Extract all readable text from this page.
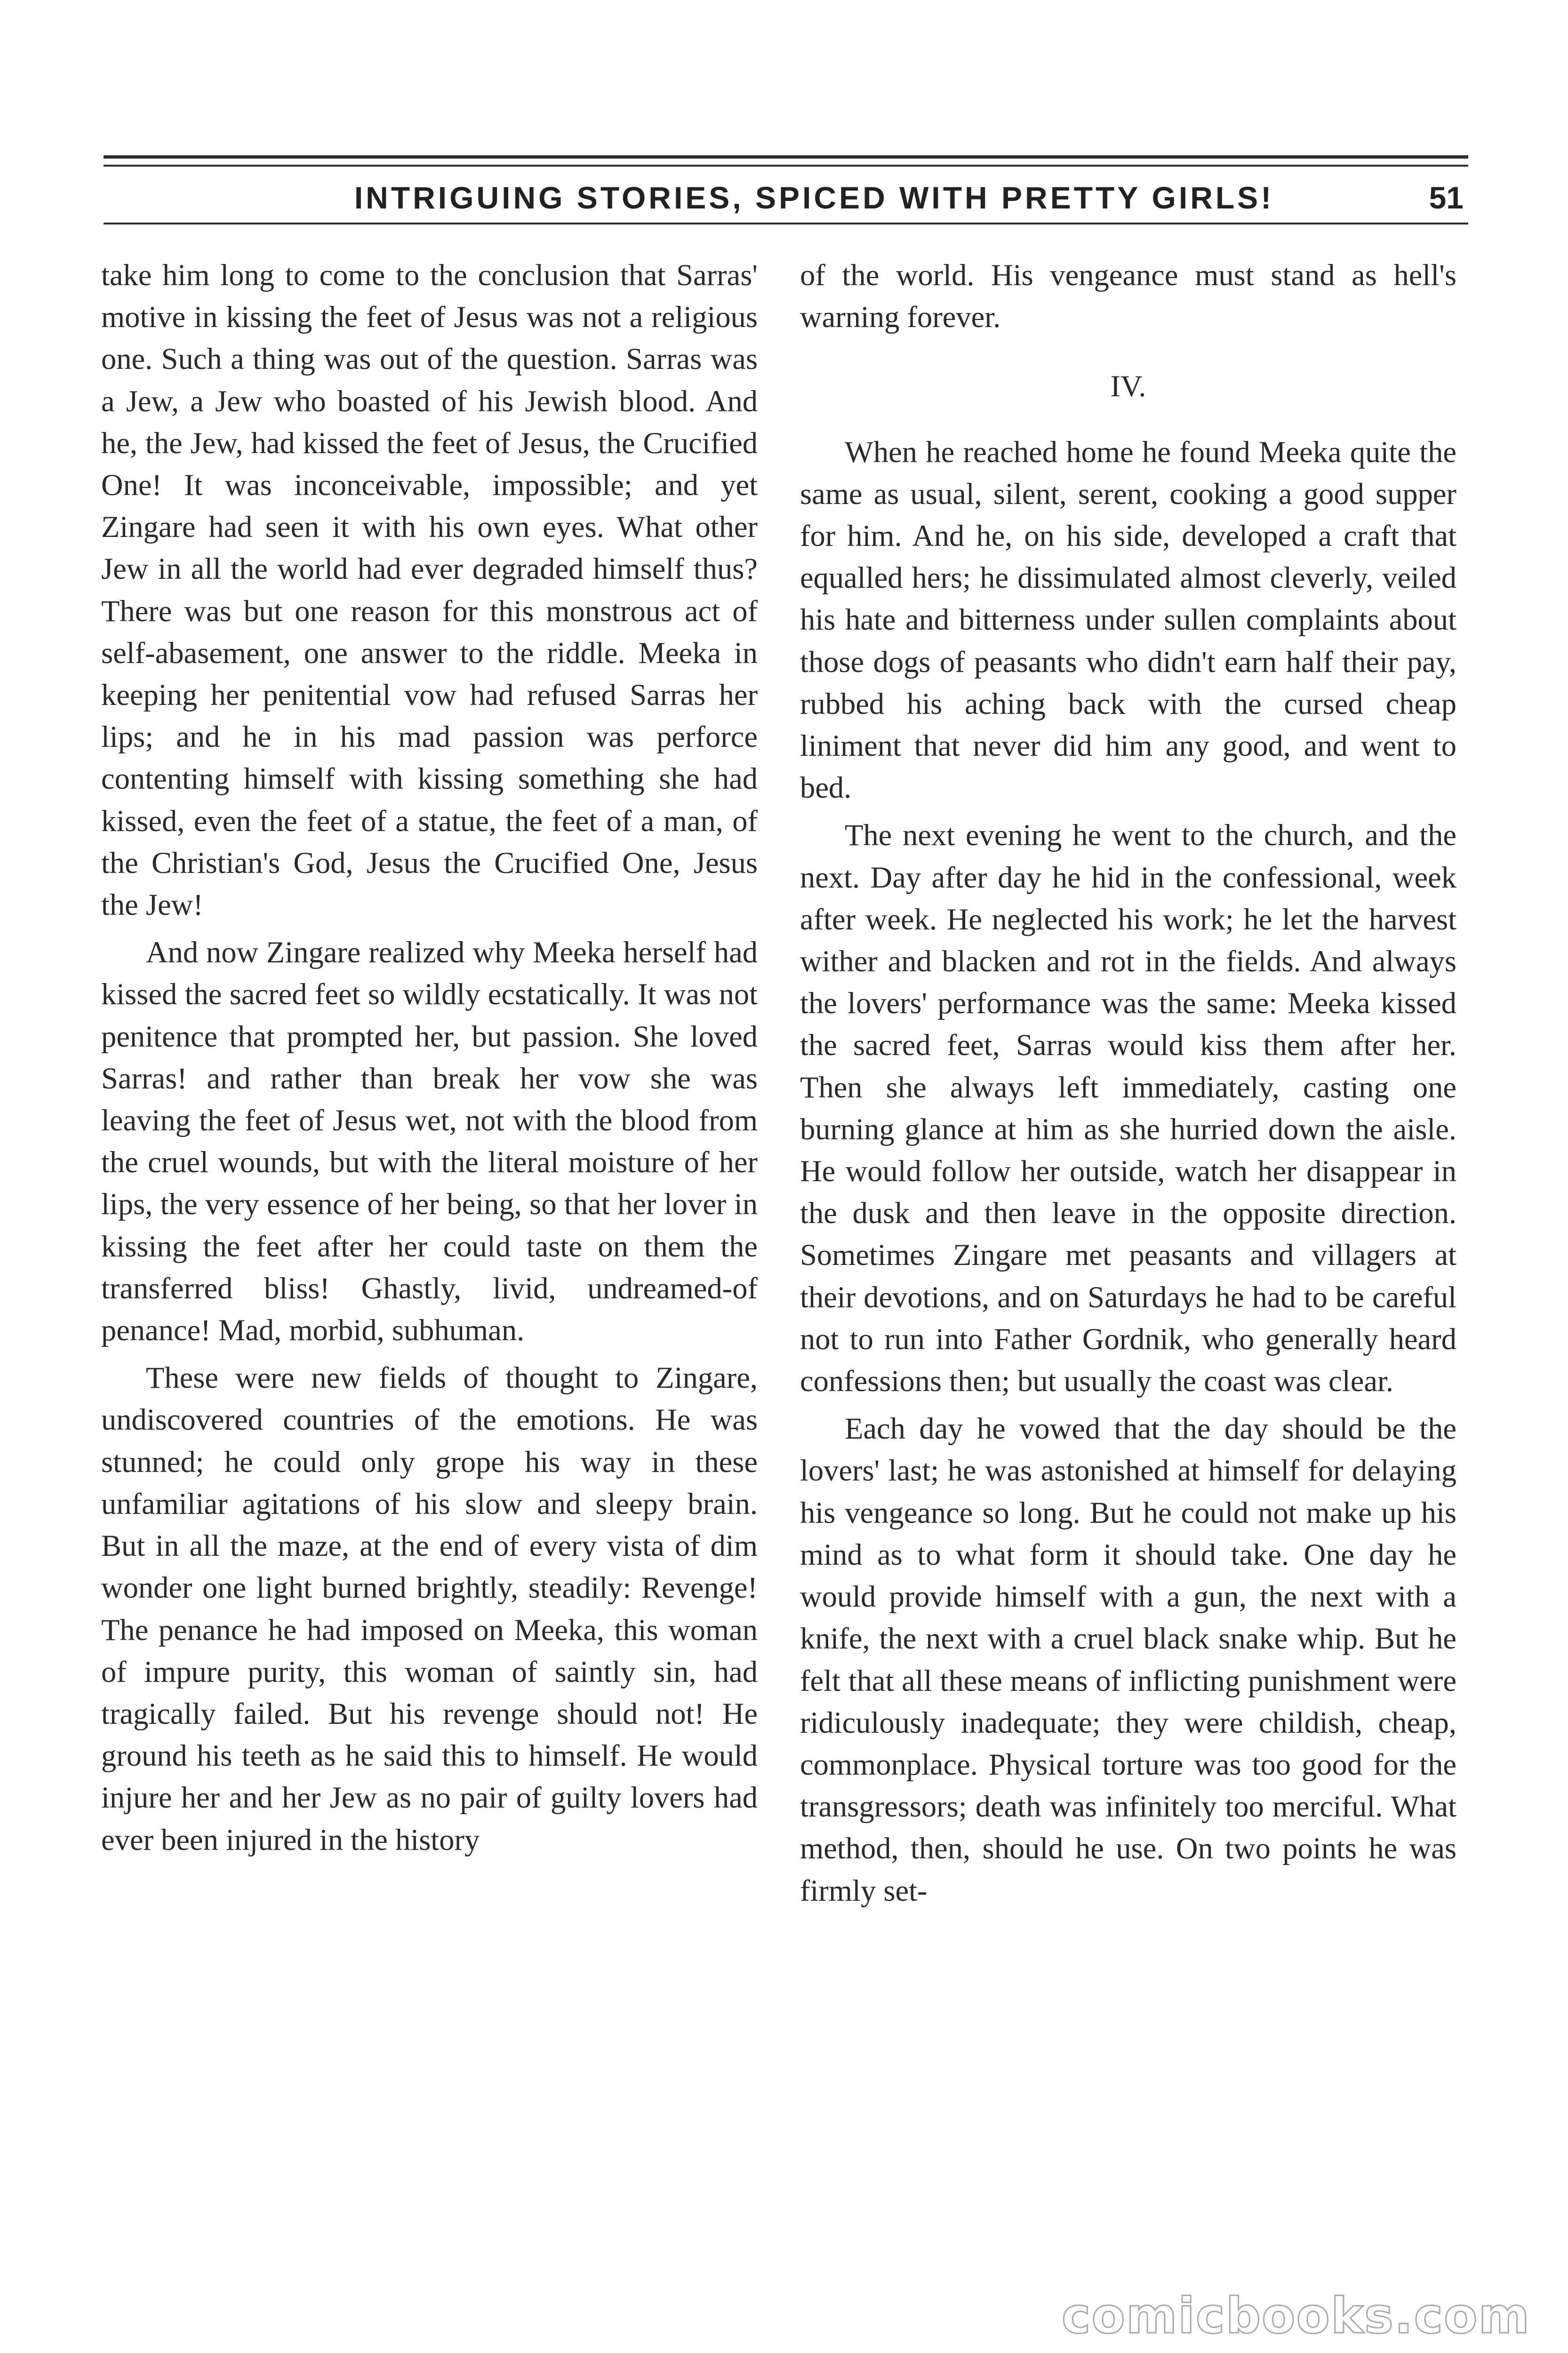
INTRIGUING STORIES, SPICED WITH PRETTY GIRLS!	51

take him long to come to the conclusion that Sarras' motive in kissing the feet of Jesus was not a religious one. Such a thing was out of the question. Sarras was a Jew, a Jew who boasted of his Jewish blood. And he, the Jew, had kissed the feet of Jesus, the Crucified One! It was inconceivable, impossible; and yet Zingare had seen it with his own eyes. What other Jew in all the world had ever degraded himself thus? There was but one reason for this monstrous act of self-abasement, one answer to the riddle. Meeka in keeping her penitential vow had refused Sarras her lips; and he in his mad passion was perforce contenting himself with kissing something she had kissed, even the feet of a statue, the feet of a man, of the Christian's God, Jesus the Crucified One, Jesus the Jew!

And now Zingare realized why Meeka herself had kissed the sacred feet so wildly ecstatically. It was not penitence that prompted her, but passion. She loved Sarras! and rather than break her vow she was leaving the feet of Jesus wet, not with the blood from the cruel wounds, but with the literal moisture of her lips, the very essence of her being, so that her lover in kissing the feet after her could taste on them the transferred bliss! Ghastly, livid, undreamed-of penance! Mad, morbid, subhuman.

These were new fields of thought to Zingare, undiscovered countries of the emotions. He was stunned; he could only grope his way in these unfamiliar agitations of his slow and sleepy brain. But in all the maze, at the end of every vista of dim wonder one light burned brightly, steadily: Revenge! The penance he had imposed on Meeka, this woman of impure purity, this woman of saintly sin, had tragically failed. But his revenge should not! He ground his teeth as he said this to himself. He would injure her and her Jew as no pair of guilty lovers had ever been injured in the history

of the world. His vengeance must stand as hell's warning forever.

IV.

When he reached home he found Meeka quite the same as usual, silent, serent, cooking a good supper for him. And he, on his side, developed a craft that equalled hers; he dissimulated almost cleverly, veiled his hate and bitterness under sullen complaints about those dogs of peasants who didn't earn half their pay, rubbed his aching back with the cursed cheap liniment that never did him any good, and went to bed.

The next evening he went to the church, and the next. Day after day he hid in the confessional, week after week. He neglected his work; he let the harvest wither and blacken and rot in the fields. And always the lovers' performance was the same: Meeka kissed the sacred feet, Sarras would kiss them after her. Then she always left immediately, casting one burning glance at him as she hurried down the aisle. He would follow her outside, watch her disappear in the dusk and then leave in the opposite direction. Sometimes Zingare met peasants and villagers at their devotions, and on Saturdays he had to be careful not to run into Father Gordnik, who generally heard confessions then; but usually the coast was clear.

Each day he vowed that the day should be the lovers' last; he was astonished at himself for delaying his vengeance so long. But he could not make up his mind as to what form it should take. One day he would provide himself with a gun, the next with a knife, the next with a cruel black snake whip. But he felt that all these means of inflicting punishment were ridiculously inadequate; they were childish, cheap, commonplace. Physical torture was too good for the transgressors; death was infinitely too merciful. What method, then, should he use. On two points he was firmly set-

comicbooks.com
